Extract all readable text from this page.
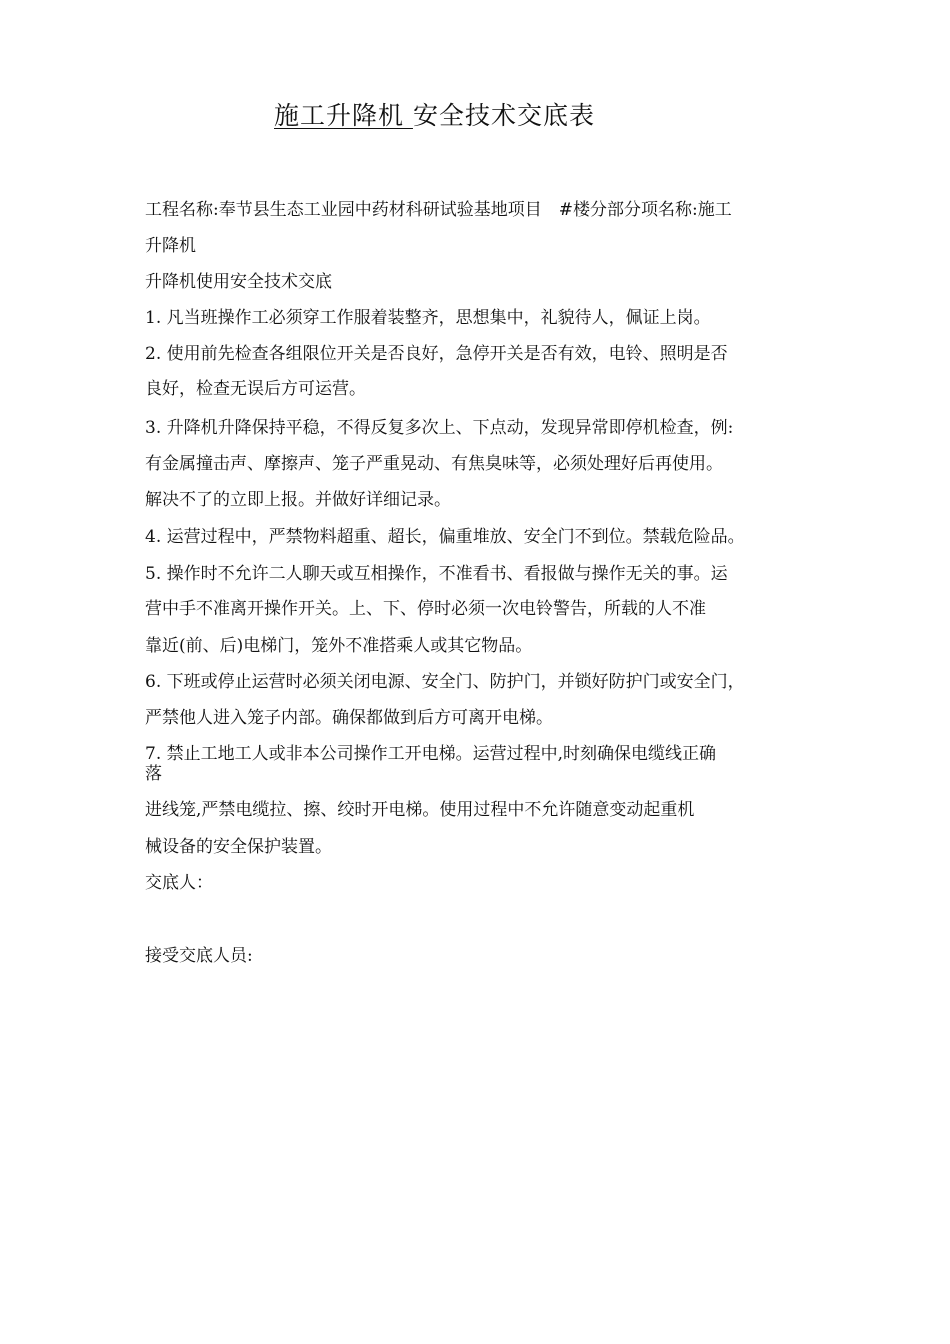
施工升降机 安全技术交底表
工程名称:奉节县生态工业园中药材科研试验基地项目　#楼分部分项名称:施工
升降机
升降机使用安全技术交底
1. 凡当班操作工必须穿工作服着装整齐，思想集中，礼貌待人，佩证上岗。
2. 使用前先检查各组限位开关是否良好，急停开关是否有效，电铃、照明是否
良好，检查无误后方可运营。
3. 升降机升降保持平稳，不得反复多次上、下点动，发现异常即停机检查，例:
有金属撞击声、摩擦声、笼子严重晃动、有焦臭味等，必须处理好后再使用。
解决不了的立即上报。并做好详细记录。
4. 运营过程中，严禁物料超重、超长，偏重堆放、安全门不到位。禁载危险品。
5. 操作时不允许二人聊天或互相操作，不准看书、看报做与操作无关的事。运
营中手不准离开操作开关。上、下、停时必须一次电铃警告，所载的人不准
靠近(前、后)电梯门，笼外不准搭乘人或其它物品。
6. 下班或停止运营时必须关闭电源、安全门、防护门，并锁好防护门或安全门，
严禁他人进入笼子内部。确保都做到后方可离开电梯。
7. 禁止工地工人或非本公司操作工开电梯。运营过程中,时刻确保电缆线正确
落
进线笼,严禁电缆拉、擦、绞时开电梯。使用过程中不允许随意变动起重机
械设备的安全保护装置。
交底人：
接受交底人员:
